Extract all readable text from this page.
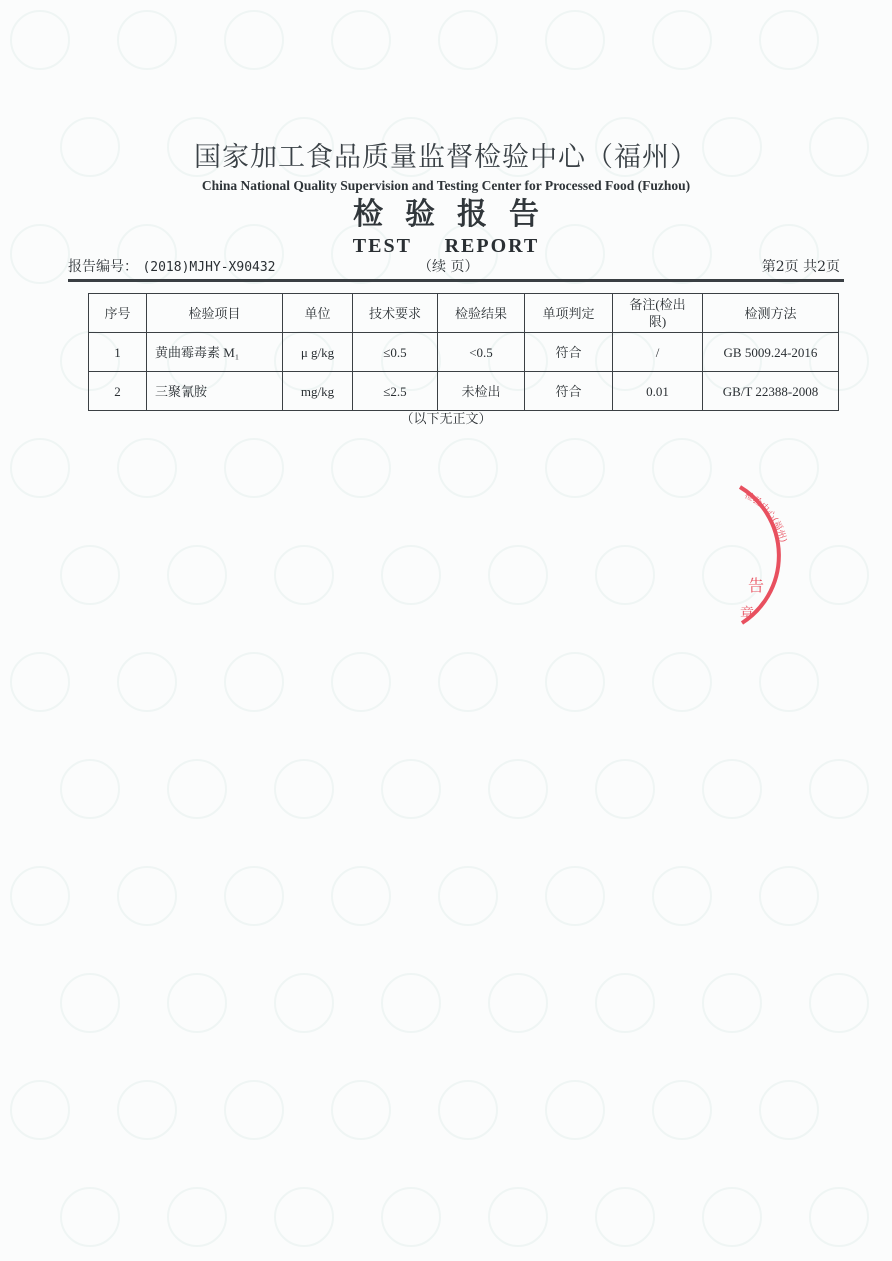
国家加工食品质量监督检验中心（福州）
China National Quality Supervision and Testing Center for Processed Food (Fuzhou)
检验报告
TEST REPORT
报告编号： (2018)MJHY-X90432	（续 页）	第2页 共2页
序号	检验项目	单位	技术要求	检验结果	单项判定	备注(检出限)	检测方法
1	黄曲霉毒素 M₁	μ g/kg	≤0.5	<0.5	符合	/	GB 5009.24-2016
2	三聚氰胺	mg/kg	≤2.5	未检出	符合	0.01	GB/T 22388-2008
（以下无正文）
检验中心(福州)
告
章
